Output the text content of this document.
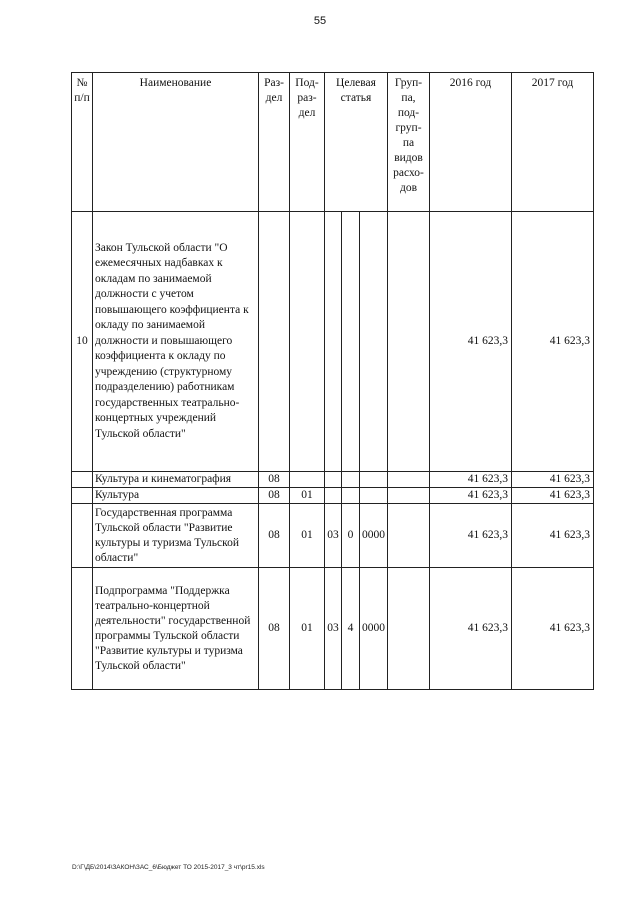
55
№ п/п	Наименование	Раз-дел	Под-раз-дел	Целевая статья			Груп-па, под-груп-па видов расхо-дов	2016 год	2017 год
10	Закон Тульской области "О ежемесячных надбавках к окладам по занимаемой должности с учетом повышающего коэффициента к окладу по занимаемой должности и повышающего коэффициента к окладу по учреждению (структурному подразделению) работникам государственных театрально-концертных учреждений Тульской области"							41 623,3	41 623,3
	Культура и кинематография	08						41 623,3	41 623,3
	Культура	08	01					41 623,3	41 623,3
	Государственная программа Тульской области "Развитие культуры и туризма Тульской области"	08	01	03	0	0000		41 623,3	41 623,3
	Подпрограмма "Поддержка театрально-концертной деятельности" государственной программы Тульской области "Развитие культуры и туризма Тульской области"	08	01	03	4	0000		41 623,3	41 623,3
D:\Г\ДБ\2014\ЗАКОН\ЗАС_6\Бюджет ТО 2015-2017_3 чт\pr15.xls
